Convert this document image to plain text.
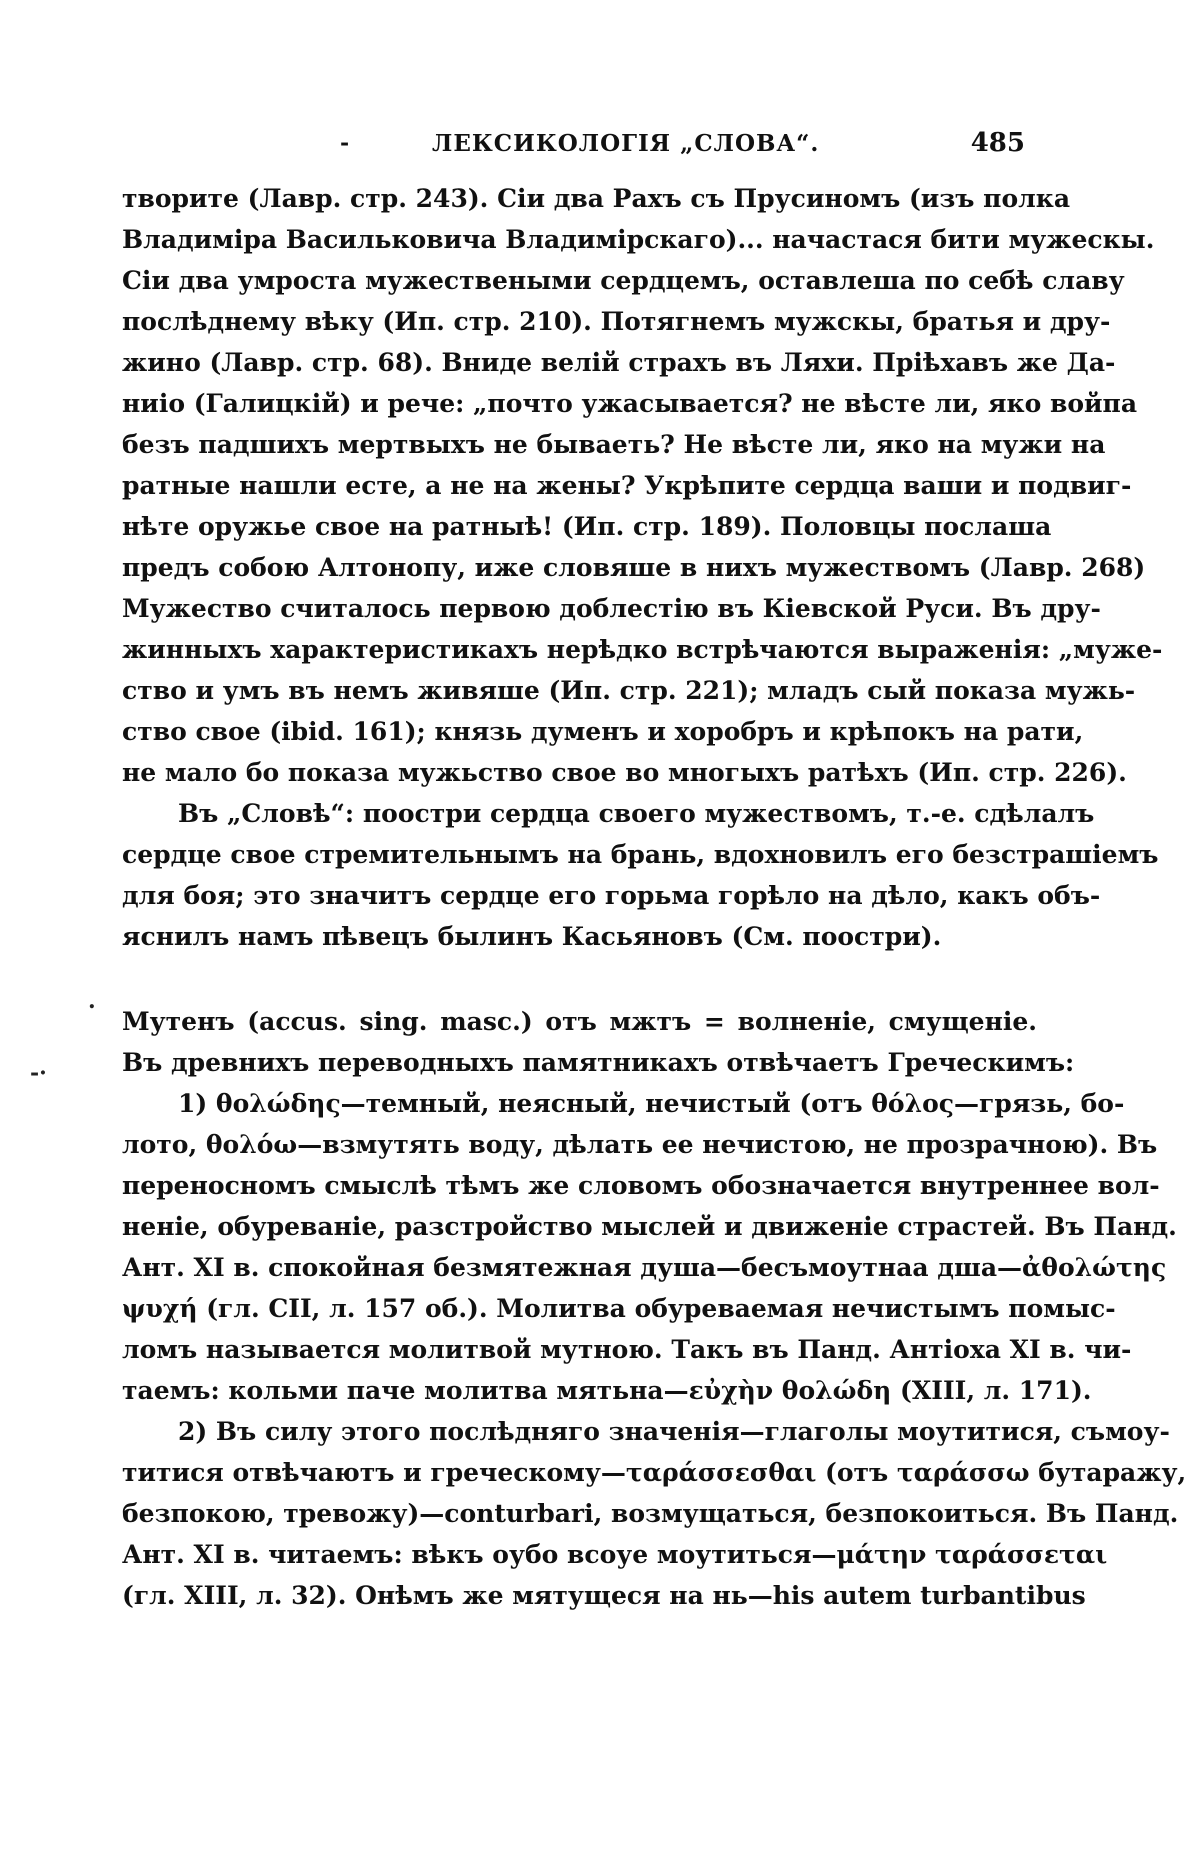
-	ЛЕКСИКОЛОГІЯ „СЛОВА“.	485
.
-·
творите (Лавр. стр. 243). Сіи два Рахъ съ Прусиномъ (изъ полка
Владиміра Васильковича Владимірскаго)... начастася бити мужескы.
Сіи два умроста мужествеными сердцемъ, оставлеша по себѣ славу
послѣднему вѣку (Ип. стр. 210). Потягнемъ мужскы, братья и дру-
жино (Лавр. стр. 68). Вниде велій страхъ въ Ляхи. Пріѣхавъ же Да-
ниіо (Галицкій) и рече: „почто ужасывается? не вѣсте ли, яко войпа
безъ падшихъ мертвыхъ не бываеть? Не вѣсте ли, яко на мужи на
ратные нашли есте, а не на жены? Укрѣпите сердца ваши и подвиг-
нѣте оружье свое на ратныѣ! (Ип. стр. 189). Половцы послаша
предъ собою Алтонопу, иже словяше в нихъ мужествомъ (Лавр. 268)
Мужество считалось первою доблестію въ Кіевской Руси. Въ дру-
жинныхъ характеристикахъ нерѣдко встрѣчаются выраженія: „муже-
ство и умъ въ немъ живяше (Ип. стр. 221); младъ сый показа мужь-
ство свое (ibid. 161); князь думенъ и хоробръ и крѣпокъ на рати,
не мало бо показа мужьство свое во многыхъ ратѣхъ (Ип. стр. 226).
Въ „Словѣ“: поостри сердца своего мужествомъ, т.-е. сдѣлалъ
сердце свое стремительнымъ на брань, вдохновилъ его безстрашіемъ
для боя; это значитъ сердце его горьма горѣло на дѣло, какъ объ-
яснилъ намъ пѣвецъ былинъ Касьяновъ (См. поостри).
Мутенъ (accus. sing. masc.) отъ мжтъ = волненіе, смущеніе.
Въ древнихъ переводныхъ памятникахъ отвѣчаетъ Греческимъ:
1) θολώδης—темный, неясный, нечистый (отъ θόλος—грязь, бо-
лото, θολόω—взмутять воду, дѣлать ее нечистою, не прозрачною). Въ
переносномъ смыслѣ тѣмъ же словомъ обозначается внутреннее вол-
неніе, обуреваніе, разстройство мыслей и движеніе страстей. Въ Панд.
Ант. XI в. спокойная безмятежная душа—бесъмоутнаа дша—ἀθολώτης
ψυχή (гл. CII, л. 157 об.). Молитва обуреваемая нечистымъ помыс-
ломъ называется молитвой мутною. Такъ въ Панд. Антіоха XI в. чи-
таемъ: кольми паче молитва мятьна—εὐχὴν θολώδη (XIII, л. 171).
2) Въ силу этого послѣдняго значенія—глаголы моутитися, съмоу-
титися отвѣчаютъ и греческому—ταράσσεσθαι (отъ ταράσσω бутаражу,
безпокою, тревожу)—conturbari, возмущаться, безпокоиться. Въ Панд.
Ант. XI в. читаемъ: вѣкъ оубо всоуе моутиться—μάτην ταράσσεται
(гл. XIII, л. 32). Онѣмъ же мятущеся на нь—his autem turbantibus
